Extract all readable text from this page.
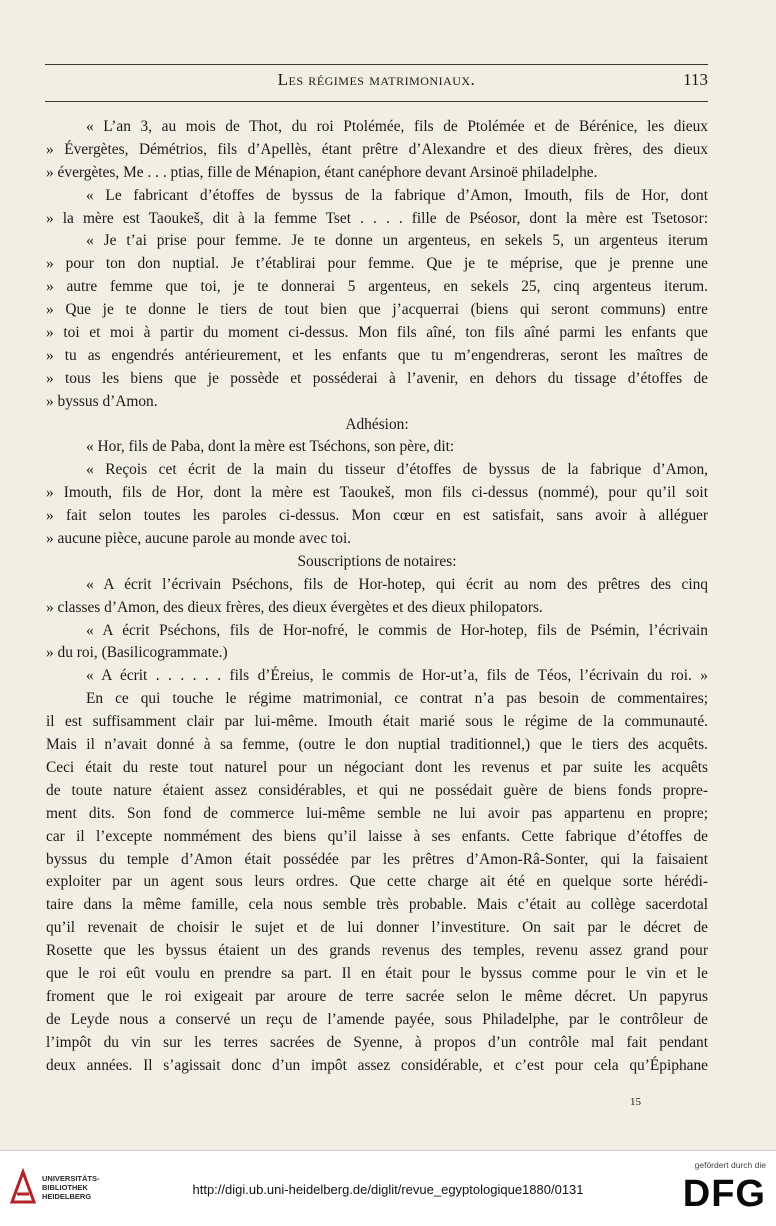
Les régimes matrimoniaux.	113
« L’an 3, au mois de Thot, du roi Ptolémée, fils de Ptolémée et de Bérénice, les dieux
» Évergètes, Démétrios, fils d’Apellès, étant prêtre d’Alexandre et des dieux frères, des dieux
» évergètes, Me . . . ptias, fille de Ménapion, étant canéphore devant Arsinoë philadelphe.
« Le fabricant d’étoffes de byssus de la fabrique d’Amon, Imouth, fils de Hor, dont
» la mère est Taoukeš, dit à la femme Tset . . . . fille de Pséosor, dont la mère est Tsetosor:
« Je t’ai prise pour femme. Je te donne un argenteus, en sekels 5, un argenteus iterum
» pour ton don nuptial. Je t’établirai pour femme. Que je te méprise, que je prenne une
» autre femme que toi, je te donnerai 5 argenteus, en sekels 25, cinq argenteus iterum.
» Que je te donne le tiers de tout bien que j’acquerrai (biens qui seront communs) entre
» toi et moi à partir du moment ci-dessus. Mon fils aîné, ton fils aîné parmi les enfants que
» tu as engendrés antérieurement, et les enfants que tu m’engendreras, seront les maîtres de
» tous les biens que je possède et posséderai à l’avenir, en dehors du tissage d’étoffes de
» byssus d’Amon.
Adhésion:
« Hor, fils de Paba, dont la mère est Tséchons, son père, dit:
« Reçois cet écrit de la main du tisseur d’étoffes de byssus de la fabrique d’Amon,
» Imouth, fils de Hor, dont la mère est Taoukeš, mon fils ci-dessus (nommé), pour qu’il soit
» fait selon toutes les paroles ci-dessus. Mon cœur en est satisfait, sans avoir à alléguer
» aucune pièce, aucune parole au monde avec toi.
Souscriptions de notaires:
« A écrit l’écrivain Pséchons, fils de Hor-hotep, qui écrit au nom des prêtres des cinq
» classes d’Amon, des dieux frères, des dieux évergètes et des dieux philopators.
« A écrit Pséchons, fils de Hor-nofré, le commis de Hor-hotep, fils de Psémin, l’écrivain
» du roi, (Basilicogrammate.)
« A écrit . . . . . . fils d’Éreius, le commis de Hor-ut’a, fils de Téos, l’écrivain du roi. »
En ce qui touche le régime matrimonial, ce contrat n’a pas besoin de commentaires;
il est suffisamment clair par lui-même. Imouth était marié sous le régime de la communauté.
Mais il n’avait donné à sa femme, (outre le don nuptial traditionnel,) que le tiers des acquêts.
Ceci était du reste tout naturel pour un négociant dont les revenus et par suite les acquêts
de toute nature étaient assez considérables, et qui ne possédait guère de biens fonds propre-
ment dits. Son fond de commerce lui-même semble ne lui avoir pas appartenu en propre;
car il l’excepte nommément des biens qu’il laisse à ses enfants. Cette fabrique d’étoffes de
byssus du temple d’Amon était possédée par les prêtres d’Amon-Râ-Sonter, qui la faisaient
exploiter par un agent sous leurs ordres. Que cette charge ait été en quelque sorte hérédi-
taire dans la même famille, cela nous semble très probable. Mais c’était au collège sacerdotal
qu’il revenait de choisir le sujet et de lui donner l’investiture. On sait par le décret de
Rosette que les byssus étaient un des grands revenus des temples, revenu assez grand pour
que le roi eût voulu en prendre sa part. Il en était pour le byssus comme pour le vin et le
froment que le roi exigeait par aroure de terre sacrée selon le même décret. Un papyrus
de Leyde nous a conservé un reçu de l’amende payée, sous Philadelphe, par le contrôleur de
l’impôt du vin sur les terres sacrées de Syenne, à propos d’un contrôle mal fait pendant
deux années. Il s’agissait donc d’un impôt assez considérable, et c’est pour cela qu’Épiphane
15
UNIVERSITÄTS-
BIBLIOTHEK
HEIDELBERG	http://digi.ub.uni-heidelberg.de/diglit/revue_egyptologique1880/0131
gefördert durch die
DFG
